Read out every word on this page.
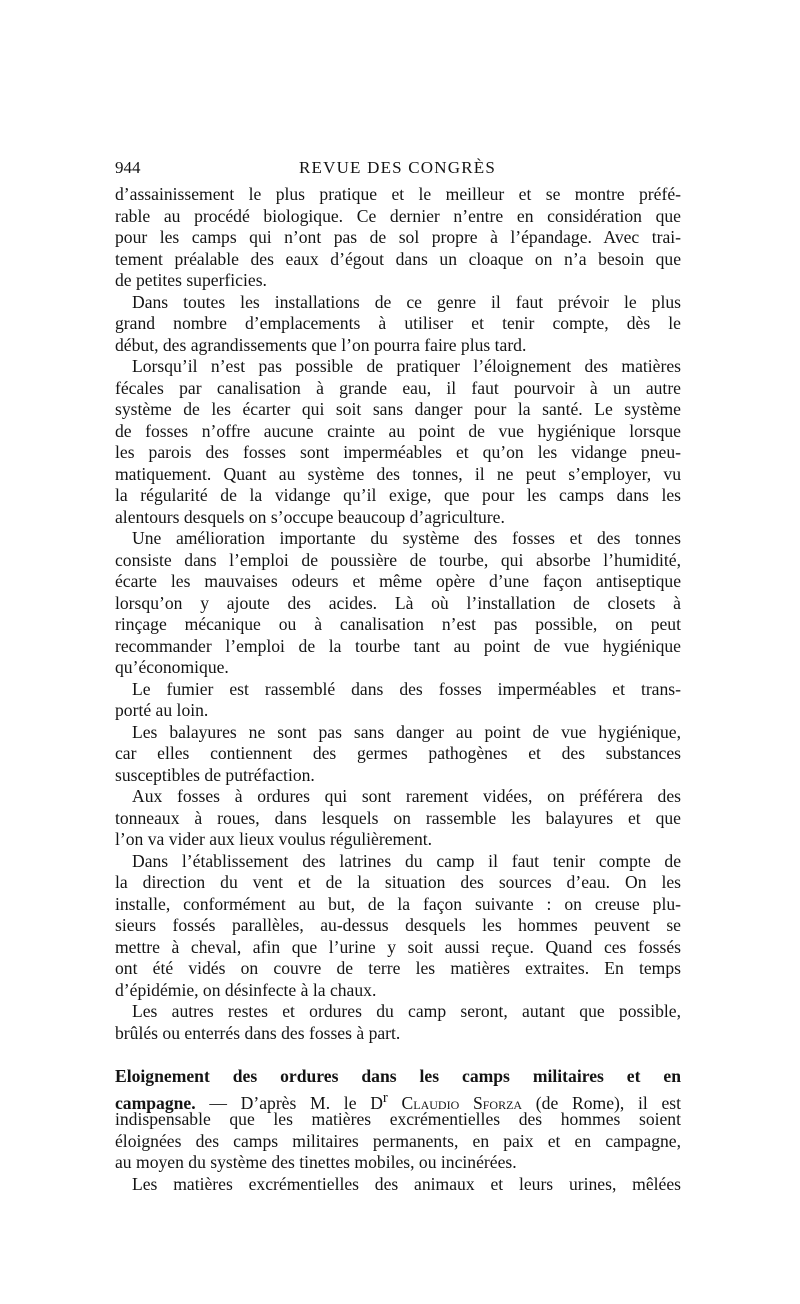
944	REVUE DES CONGRÈS
d’assainissement le plus pratique et le meilleur et se montre préfé-
rable au procédé biologique. Ce dernier n’entre en considération que
pour les camps qui n’ont pas de sol propre à l’épandage. Avec trai-
tement préalable des eaux d’égout dans un cloaque on n’a besoin que
de petites superficies.
Dans toutes les installations de ce genre il faut prévoir le plus
grand nombre d’emplacements à utiliser et tenir compte, dès le
début, des agrandissements que l’on pourra faire plus tard.
Lorsqu’il n’est pas possible de pratiquer l’éloignement des matières
fécales par canalisation à grande eau, il faut pourvoir à un autre
système de les écarter qui soit sans danger pour la santé. Le système
de fosses n’offre aucune crainte au point de vue hygiénique lorsque
les parois des fosses sont imperméables et qu’on les vidange pneu-
matiquement. Quant au système des tonnes, il ne peut s’employer, vu
la régularité de la vidange qu’il exige, que pour les camps dans les
alentours desquels on s’occupe beaucoup d’agriculture.
Une amélioration importante du système des fosses et des tonnes
consiste dans l’emploi de poussière de tourbe, qui absorbe l’humidité,
écarte les mauvaises odeurs et même opère d’une façon antiseptique
lorsqu’on y ajoute des acides. Là où l’installation de closets à
rinçage mécanique ou à canalisation n’est pas possible, on peut
recommander l’emploi de la tourbe tant au point de vue hygiénique
qu’économique.
Le fumier est rassemblé dans des fosses imperméables et trans-
porté au loin.
Les balayures ne sont pas sans danger au point de vue hygiénique,
car elles contiennent des germes pathogènes et des substances
susceptibles de putréfaction.
Aux fosses à ordures qui sont rarement vidées, on préférera des
tonneaux à roues, dans lesquels on rassemble les balayures et que
l’on va vider aux lieux voulus régulièrement.
Dans l’établissement des latrines du camp il faut tenir compte de
la direction du vent et de la situation des sources d’eau. On les
installe, conformément au but, de la façon suivante : on creuse plu-
sieurs fossés parallèles, au-dessus desquels les hommes peuvent se
mettre à cheval, afin que l’urine y soit aussi reçue. Quand ces fossés
ont été vidés on couvre de terre les matières extraites. En temps
d’épidémie, on désinfecte à la chaux.
Les autres restes et ordures du camp seront, autant que possible,
brûlés ou enterrés dans des fosses à part.
Eloignement des ordures dans les camps militaires et en
campagne. — D’après M. le $D^r$ Claudio Sforza (de Rome), il est
indispensable que les matières excrémentielles des hommes soient
éloignées des camps militaires permanents, en paix et en campagne,
au moyen du système des tinettes mobiles, ou incinérées.
Les matières excrémentielles des animaux et leurs urines, mêlées
